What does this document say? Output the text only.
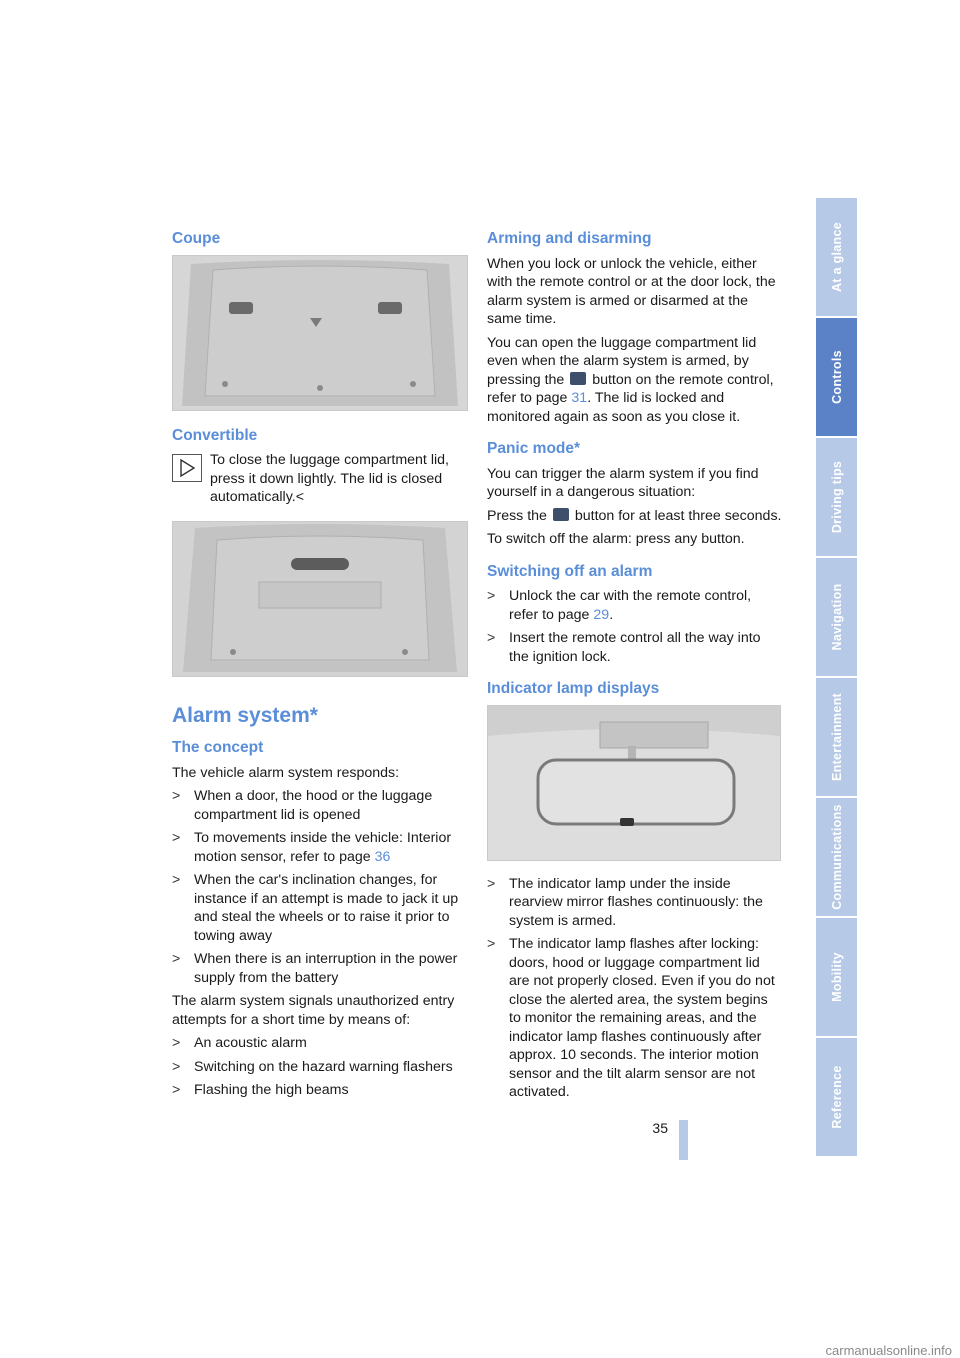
Coupe
Convertible
To close the luggage compartment lid, press it down lightly. The lid is closed automatically.<
Alarm system*
The concept

The vehicle alarm system responds:

> When a door, the hood or the luggage compartment lid is opened
> To movements inside the vehicle: Interior motion sensor, refer to page 36
> When the car's inclination changes, for instance if an attempt is made to jack it up and steal the wheels or to raise it prior to towing away
> When there is an interruption in the power supply from the battery

The alarm system signals unauthorized entry attempts for a short time by means of:

> An acoustic alarm
> Switching on the hazard warning flashers
> Flashing the high beams
Arming and disarming

When you lock or unlock the vehicle, either with the remote control or at the door lock, the alarm system is armed or disarmed at the same time.

You can open the luggage compartment lid even when the alarm system is armed, by pressing the button on the remote control, refer to page 31. The lid is locked and monitored again as soon as you close it.

Panic mode*

You can trigger the alarm system if you find yourself in a dangerous situation:

Press the button for at least three seconds.

To switch off the alarm: press any button.

Switching off an alarm
> Unlock the car with the remote control, refer to page 29.
> Insert the remote control all the way into the ignition lock.
Indicator lamp displays
> The indicator lamp under the inside rearview mirror flashes continuously: the system is armed.
> The indicator lamp flashes after locking: doors, hood or luggage compartment lid are not properly closed. Even if you do not close the alerted area, the system begins to monitor the remaining areas, and the indicator lamp flashes continuously after approx. 10 seconds. The interior motion sensor and the tilt alarm sensor are not activated.
At a glance
Controls
Driving tips
Navigation
Entertainment
Communications
Mobility
Reference
35
carmanualsonline.info
